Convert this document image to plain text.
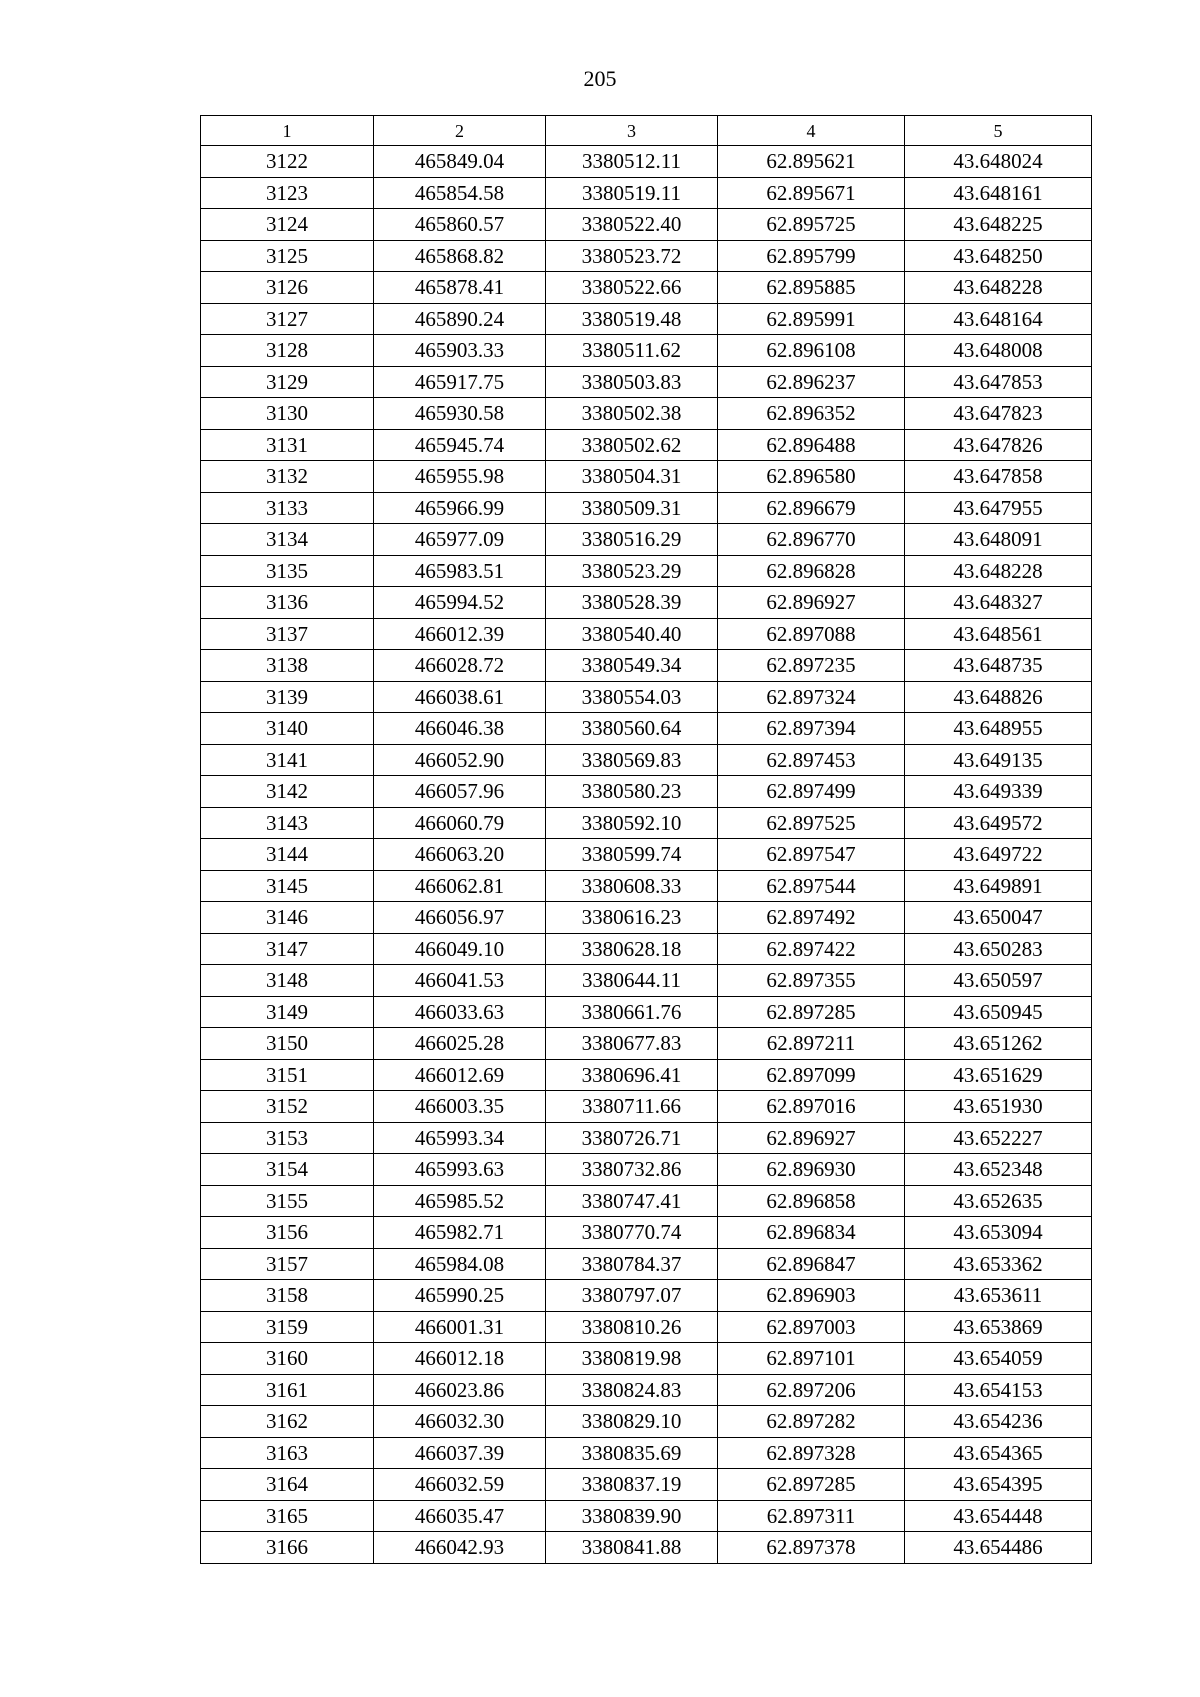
205
1	2	3	4	5
3122	465849.04	3380512.11	62.895621	43.648024
3123	465854.58	3380519.11	62.895671	43.648161
3124	465860.57	3380522.40	62.895725	43.648225
3125	465868.82	3380523.72	62.895799	43.648250
3126	465878.41	3380522.66	62.895885	43.648228
3127	465890.24	3380519.48	62.895991	43.648164
3128	465903.33	3380511.62	62.896108	43.648008
3129	465917.75	3380503.83	62.896237	43.647853
3130	465930.58	3380502.38	62.896352	43.647823
3131	465945.74	3380502.62	62.896488	43.647826
3132	465955.98	3380504.31	62.896580	43.647858
3133	465966.99	3380509.31	62.896679	43.647955
3134	465977.09	3380516.29	62.896770	43.648091
3135	465983.51	3380523.29	62.896828	43.648228
3136	465994.52	3380528.39	62.896927	43.648327
3137	466012.39	3380540.40	62.897088	43.648561
3138	466028.72	3380549.34	62.897235	43.648735
3139	466038.61	3380554.03	62.897324	43.648826
3140	466046.38	3380560.64	62.897394	43.648955
3141	466052.90	3380569.83	62.897453	43.649135
3142	466057.96	3380580.23	62.897499	43.649339
3143	466060.79	3380592.10	62.897525	43.649572
3144	466063.20	3380599.74	62.897547	43.649722
3145	466062.81	3380608.33	62.897544	43.649891
3146	466056.97	3380616.23	62.897492	43.650047
3147	466049.10	3380628.18	62.897422	43.650283
3148	466041.53	3380644.11	62.897355	43.650597
3149	466033.63	3380661.76	62.897285	43.650945
3150	466025.28	3380677.83	62.897211	43.651262
3151	466012.69	3380696.41	62.897099	43.651629
3152	466003.35	3380711.66	62.897016	43.651930
3153	465993.34	3380726.71	62.896927	43.652227
3154	465993.63	3380732.86	62.896930	43.652348
3155	465985.52	3380747.41	62.896858	43.652635
3156	465982.71	3380770.74	62.896834	43.653094
3157	465984.08	3380784.37	62.896847	43.653362
3158	465990.25	3380797.07	62.896903	43.653611
3159	466001.31	3380810.26	62.897003	43.653869
3160	466012.18	3380819.98	62.897101	43.654059
3161	466023.86	3380824.83	62.897206	43.654153
3162	466032.30	3380829.10	62.897282	43.654236
3163	466037.39	3380835.69	62.897328	43.654365
3164	466032.59	3380837.19	62.897285	43.654395
3165	466035.47	3380839.90	62.897311	43.654448
3166	466042.93	3380841.88	62.897378	43.654486
